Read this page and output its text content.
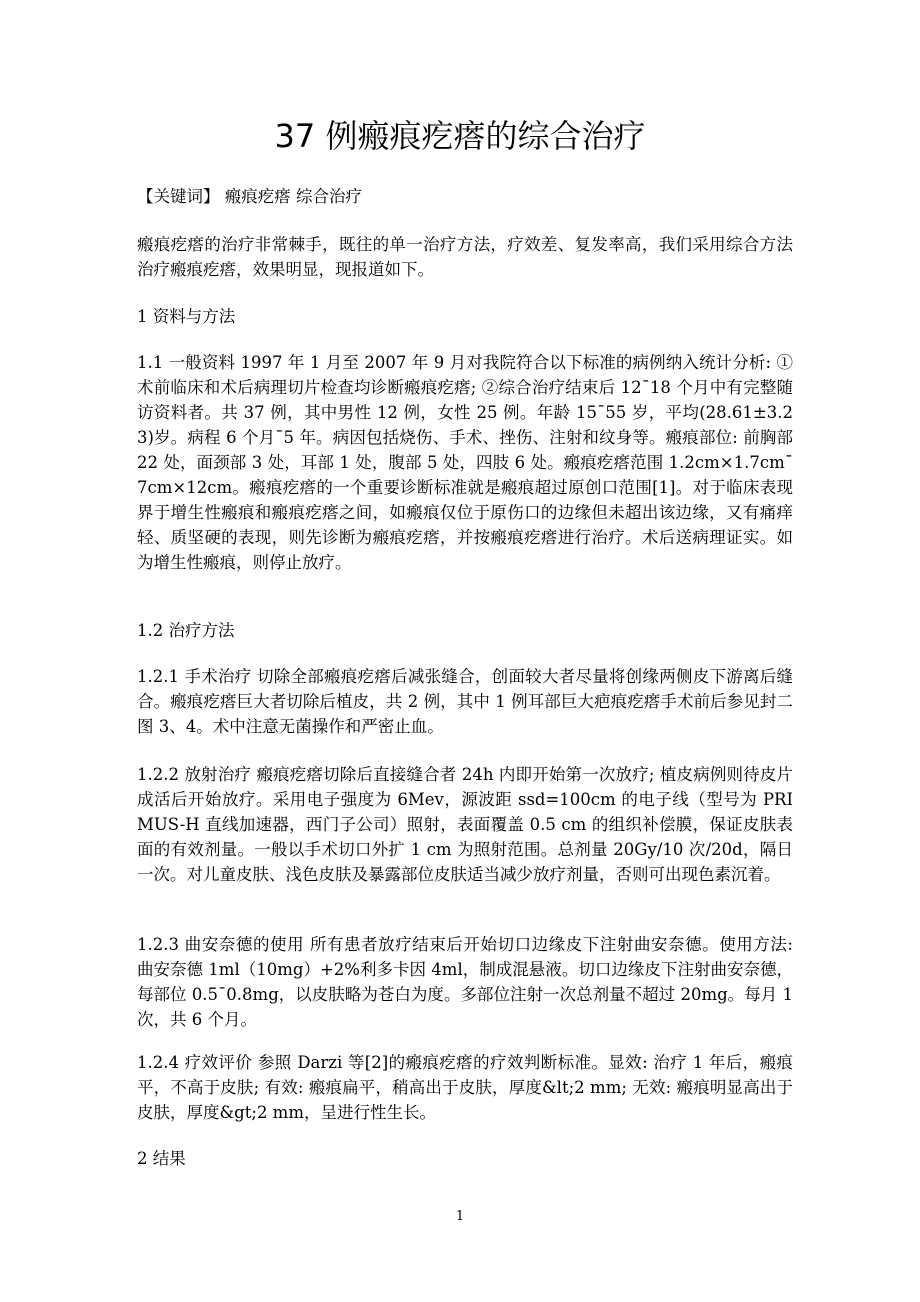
37 例瘢痕疙瘩的综合治疗

【关键词】 瘢痕疙瘩 综合治疗

瘢痕疙瘩的治疗非常棘手，既往的单一治疗方法，疗效差、复发率高，我们采用综合方法治疗瘢痕疙瘩，效果明显，现报道如下。

1 资料与方法

1.1 一般资料 1997 年 1 月至 2007 年 9 月对我院符合以下标准的病例纳入统计分析: ①术前临床和术后病理切片检查均诊断瘢痕疙瘩; ②综合治疗结束后 12¯18 个月中有完整随访资料者。共 37 例，其中男性 12 例，女性 25 例。年龄 15¯55 岁，平均(28.61±3.23)岁。病程 6 个月¯5 年。病因包括烧伤、手术、挫伤、注射和纹身等。瘢痕部位: 前胸部 22 处，面颈部 3 处，耳部 1 处，腹部 5 处，四肢 6 处。瘢痕疙瘩范围 1.2cm×1.7cm¯7cm×12cm。瘢痕疙瘩的一个重要诊断标准就是瘢痕超过原创口范围[1]。对于临床表现界于增生性瘢痕和瘢痕疙瘩之间，如瘢痕仅位于原伤口的边缘但未超出该边缘，又有痛痒轻、质坚硬的表现，则先诊断为瘢痕疙瘩，并按瘢痕疙瘩进行治疗。术后送病理证实。如为增生性瘢痕，则停止放疗。

1.2 治疗方法

1.2.1 手术治疗 切除全部瘢痕疙瘩后减张缝合，创面较大者尽量将创缘两侧皮下游离后缝合。瘢痕疙瘩巨大者切除后植皮，共 2 例，其中 1 例耳部巨大疤痕疙瘩手术前后参见封二图 3、4。术中注意无菌操作和严密止血。

1.2.2 放射治疗 瘢痕疙瘩切除后直接缝合者 24h 内即开始第一次放疗; 植皮病例则待皮片成活后开始放疗。采用电子强度为 6Mev，源波距 ssd=100cm 的电子线（型号为 PRIMUS-H 直线加速器，西门子公司）照射，表面覆盖 0.5 cm 的组织补偿膜，保证皮肤表面的有效剂量。一般以手术切口外扩 1 cm 为照射范围。总剂量 20Gy/10 次/20d，隔日一次。对儿童皮肤、浅色皮肤及暴露部位皮肤适当减少放疗剂量，否则可出现色素沉着。

1.2.3 曲安奈德的使用 所有患者放疗结束后开始切口边缘皮下注射曲安奈德。使用方法: 曲安奈德 1ml（10mg）+2%利多卡因 4ml，制成混悬液。切口边缘皮下注射曲安奈德，每部位 0.5¯0.8mg，以皮肤略为苍白为度。多部位注射一次总剂量不超过 20mg。每月 1 次，共 6 个月。

1.2.4 疗效评价 参照 Darzi 等[2]的瘢痕疙瘩的疗效判断标准。显效: 治疗 1 年后，瘢痕平，不高于皮肤; 有效: 瘢痕扁平，稍高出于皮肤，厚度&lt;2 mm; 无效: 瘢痕明显高出于皮肤，厚度&gt;2 mm，呈进行性生长。

2 结果

1
